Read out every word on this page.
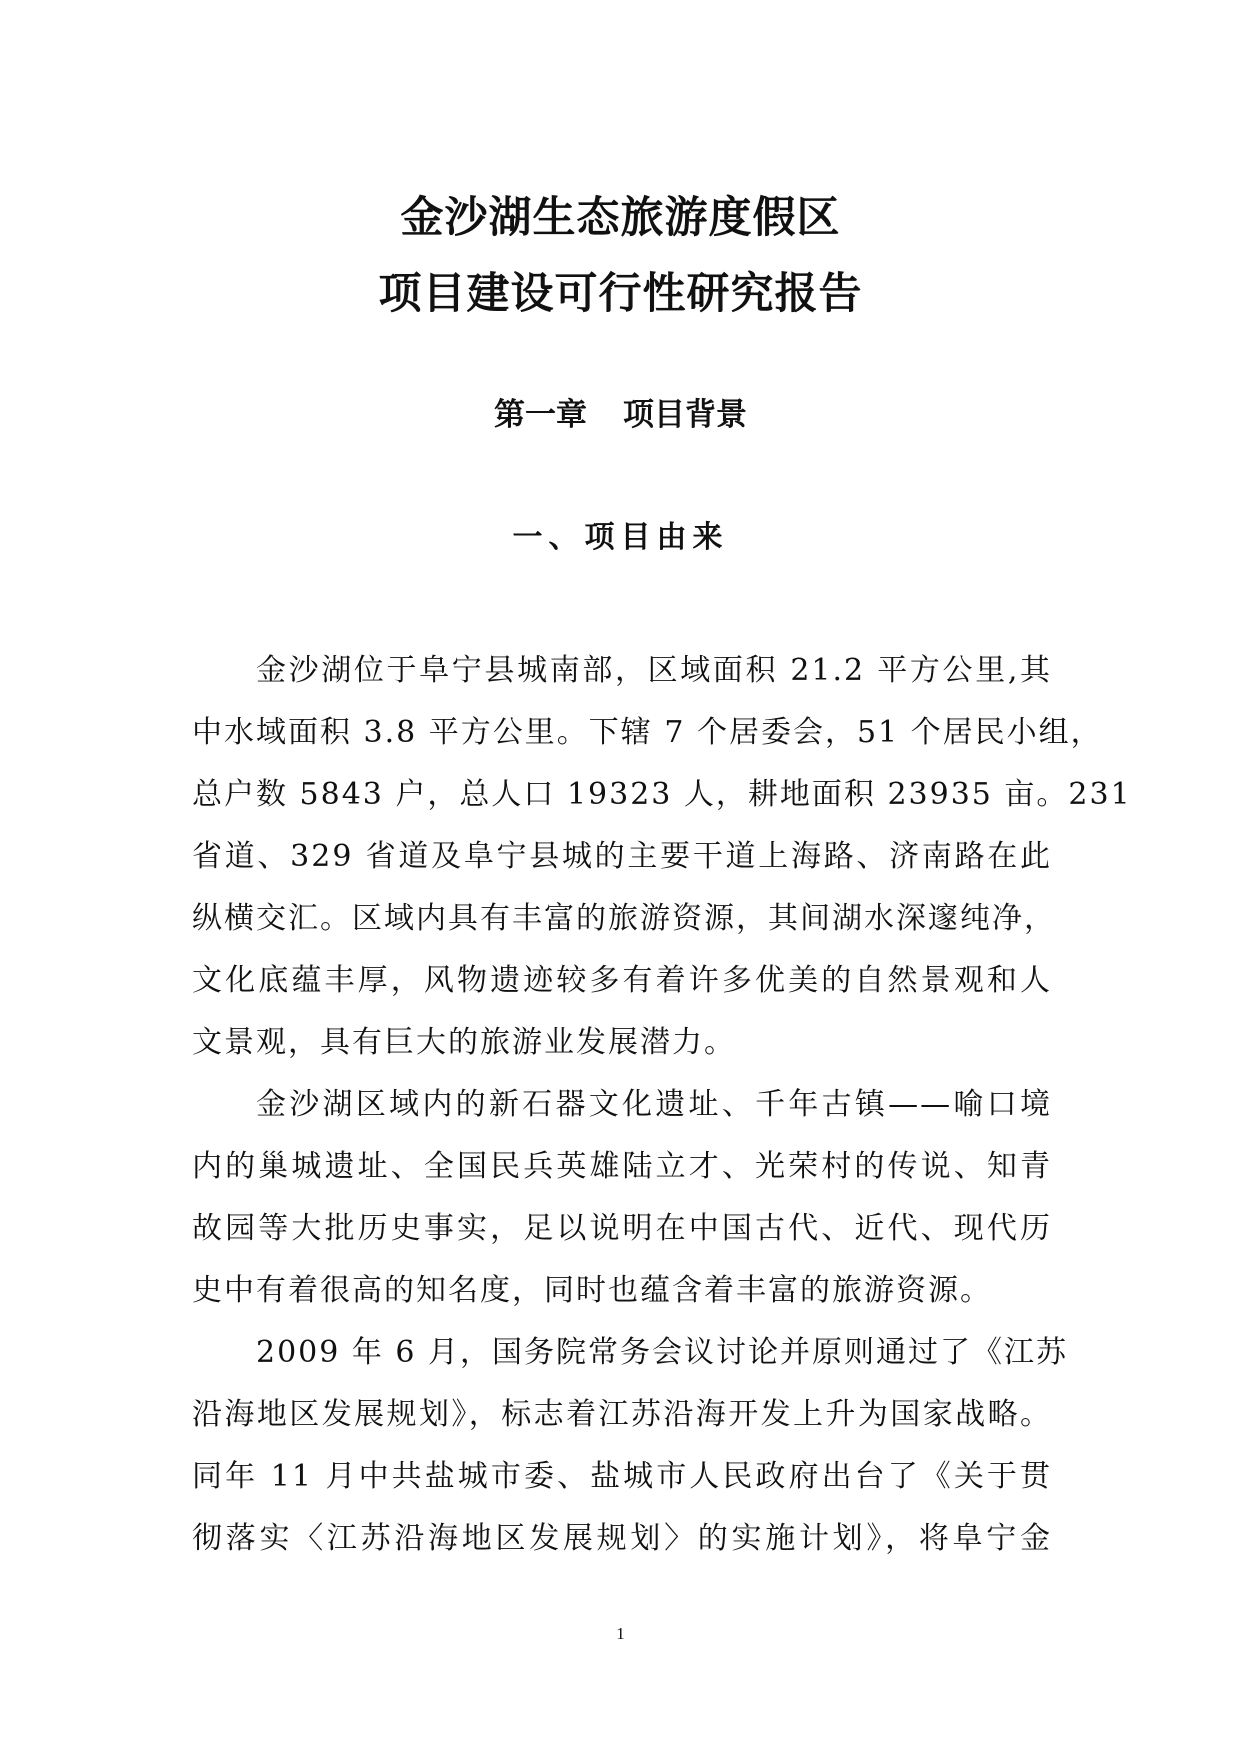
金沙湖生态旅游度假区
项目建设可行性研究报告
第一章 项目背景
一、项目由来
金沙湖位于阜宁县城南部，区域面积 21.2 平方公里,其
中水域面积 3.8 平方公里。下辖 7 个居委会，51 个居民小组，
总户数 5843 户，总人口 19323 人，耕地面积 23935 亩。231
省道、329 省道及阜宁县城的主要干道上海路、济南路在此
纵横交汇。区域内具有丰富的旅游资源，其间湖水深邃纯净，
文化底蕴丰厚，风物遗迹较多有着许多优美的自然景观和人
文景观，具有巨大的旅游业发展潜力。
金沙湖区域内的新石器文化遗址、千年古镇——喻口境
内的巢城遗址、全国民兵英雄陆立才、光荣村的传说、知青
故园等大批历史事实，足以说明在中国古代、近代、现代历
史中有着很高的知名度，同时也蕴含着丰富的旅游资源。
2009 年 6 月，国务院常务会议讨论并原则通过了《江苏
沿海地区发展规划》，标志着江苏沿海开发上升为国家战略。
同年 11 月中共盐城市委、盐城市人民政府出台了《关于贯
彻落实〈江苏沿海地区发展规划〉的实施计划》，将阜宁金
1
